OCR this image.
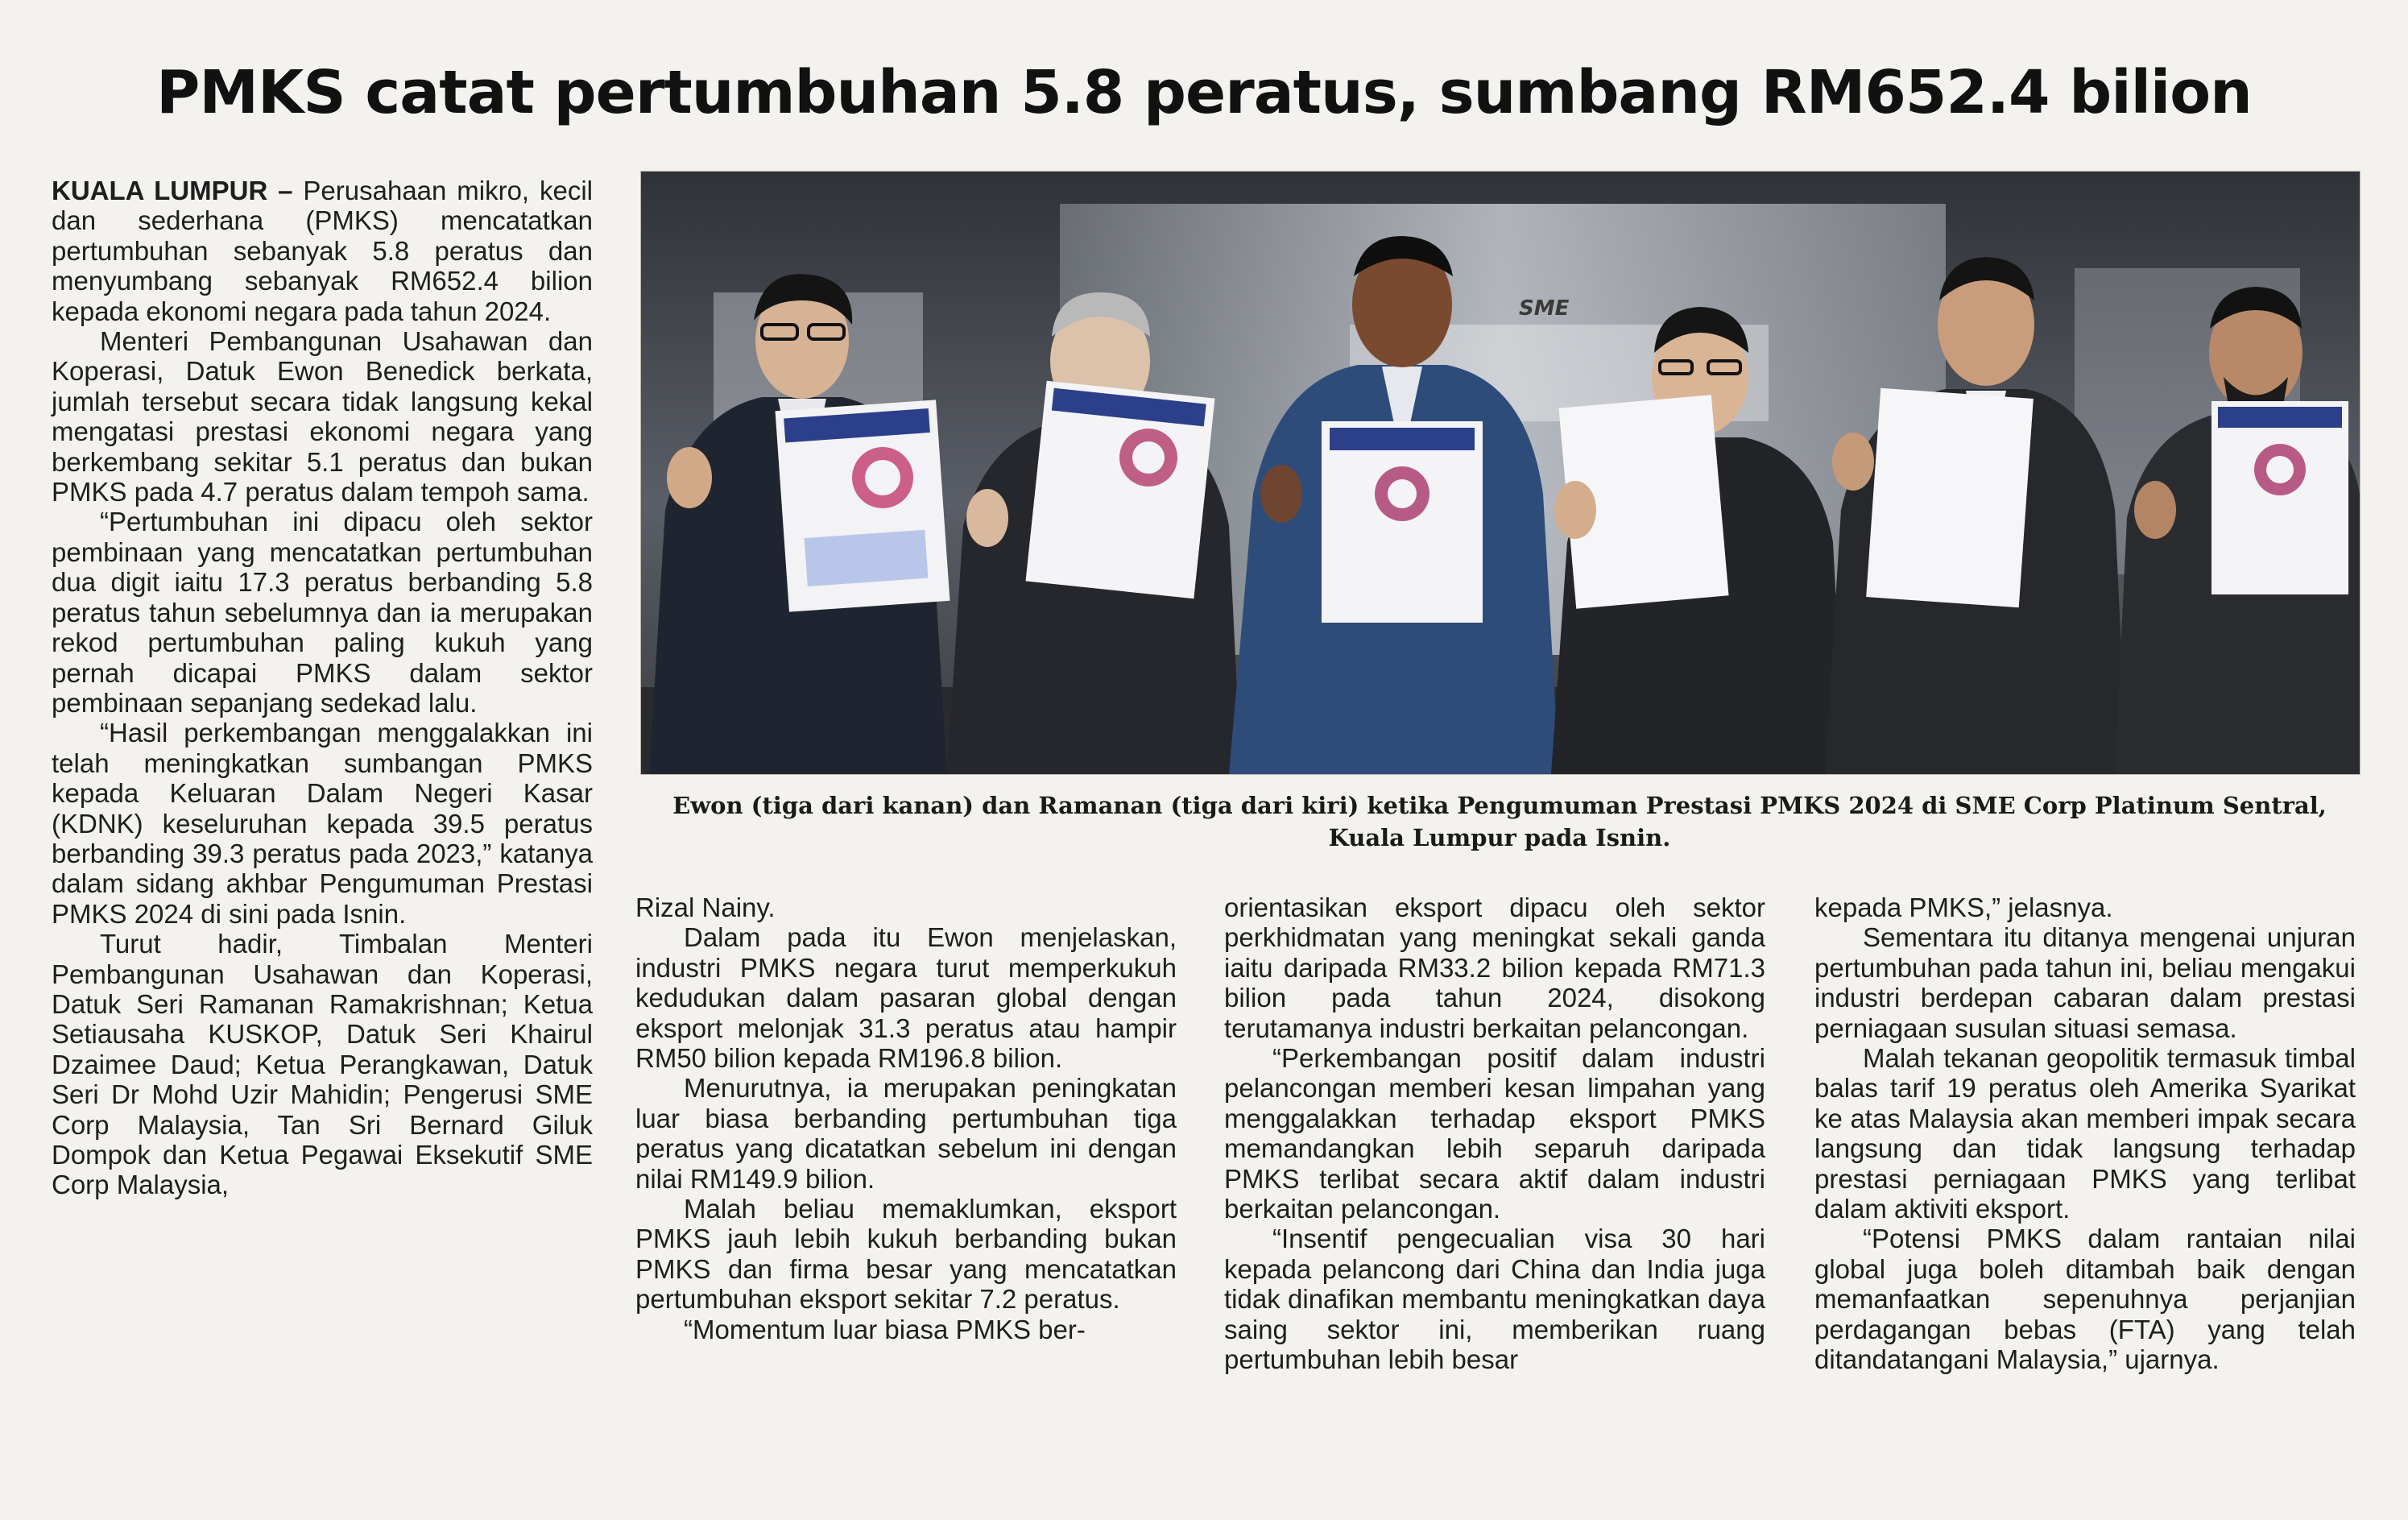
PMKS catat pertumbuhan 5.8 peratus, sumbang RM652.4 bilion

KUALA LUMPUR – Perusahaan mikro, kecil dan sederhana (PMKS) mencatatkan pertumbuhan sebanyak 5.8 peratus dan menyumbang sebanyak RM652.4 bilion kepada ekonomi negara pada tahun 2024.

Menteri Pembangunan Usahawan dan Koperasi, Datuk Ewon Benedick berkata, jumlah tersebut secara tidak langsung kekal mengatasi prestasi ekonomi negara yang berkembang sekitar 5.1 peratus dan bukan PMKS pada 4.7 peratus dalam tempoh sama.

“Pertumbuhan ini dipacu oleh sektor pembinaan yang mencatatkan pertumbuhan dua digit iaitu 17.3 peratus berbanding 5.8 peratus tahun sebelumnya dan ia merupakan rekod pertumbuhan paling kukuh yang pernah dicapai PMKS dalam sektor pembinaan sepanjang sedekad lalu.

“Hasil perkembangan menggalakkan ini telah meningkatkan sumbangan PMKS kepada Keluaran Dalam Negeri Kasar (KDNK) keseluruhan kepada 39.5 peratus berbanding 39.3 peratus pada 2023,” katanya dalam sidang akhbar Pengumuman Prestasi PMKS 2024 di sini pada Isnin.

Turut hadir, Timbalan Menteri Pembangunan Usahawan dan Koperasi, Datuk Seri Ramanan Ramakrishnan; Ketua Setiausaha KUSKOP, Datuk Seri Khairul Dzaimee Daud; Ketua Perangkawan, Datuk Seri Dr Mohd Uzir Mahidin; Pengerusi SME Corp Malaysia, Tan Sri Bernard Giluk Dompok dan Ketua Pegawai Eksekutif SME Corp Malaysia,

SME
Ewon (tiga dari kanan) dan Ramanan (tiga dari kiri) ketika Pengumuman Prestasi PMKS 2024 di SME Corp Platinum Sentral,
Kuala Lumpur pada Isnin.

Rizal Nainy.

Dalam pada itu Ewon menjelaskan, industri PMKS negara turut memperkukuh kedudukan dalam pasaran global dengan eksport melonjak 31.3 peratus atau hampir RM50 bilion kepada RM196.8 bilion.

Menurutnya, ia merupakan peningkatan luar biasa berbanding pertumbuhan tiga peratus yang dicatatkan sebelum ini dengan nilai RM149.9 bilion.

Malah beliau memaklumkan, eksport PMKS jauh lebih kukuh berbanding bukan PMKS dan firma besar yang mencatatkan pertumbuhan eksport sekitar 7.2 peratus.

“Momentum luar biasa PMKS ber-

orientasikan eksport dipacu oleh sektor perkhidmatan yang meningkat sekali ganda iaitu daripada RM33.2 bilion kepada RM71.3 bilion pada tahun 2024, disokong terutamanya industri berkaitan pelancongan.

“Perkembangan positif dalam industri pelancongan memberi kesan limpahan yang menggalakkan terhadap eksport PMKS memandangkan lebih separuh daripada PMKS terlibat secara aktif dalam industri berkaitan pelancongan.

“Insentif pengecualian visa 30 hari kepada pelancong dari China dan India juga tidak dinafikan membantu meningkatkan daya saing sektor ini, memberikan ruang pertumbuhan lebih besar

kepada PMKS,” jelasnya.

Sementara itu ditanya mengenai unjuran pertumbuhan pada tahun ini, beliau mengakui industri berdepan cabaran dalam prestasi perniagaan susulan situasi semasa.

Malah tekanan geopolitik termasuk timbal balas tarif 19 peratus oleh Amerika Syarikat ke atas Malaysia akan memberi impak secara langsung dan tidak langsung terhadap prestasi perniagaan PMKS yang terlibat dalam aktiviti eksport.

“Potensi PMKS dalam rantaian nilai global juga boleh ditambah baik dengan memanfaatkan sepenuhnya perjanjian perdagangan bebas (FTA) yang telah ditandatangani Malaysia,” ujarnya.
